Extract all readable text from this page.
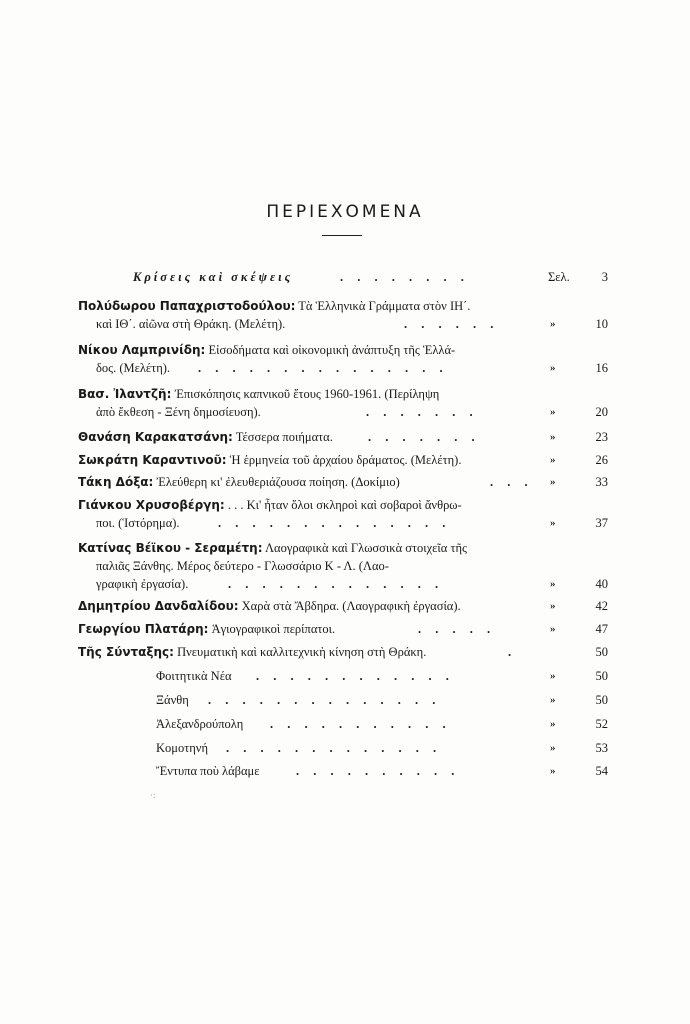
ΠΕΡΙΕΧΟΜΕΝΑ
Κρίσεις καὶ σκέψεις	. . . . . . . .	Σελ.	3
Πολύδωρου Παπαχριστοδούλου: Τὰ Ἑλληνικὰ Γράμματα στὸν ΙΗ΄.
καὶ ΙΘ΄. αἰῶνα στὴ Θράκη. (Μελέτη).	. . . . . .	»	10
Νίκου Λαμπρινίδη: Εἰσοδήματα καὶ οἰκονομικὴ ἀνάπτυξη τῆς Ἑλλά-
δος. (Μελέτη). . . . . . . . . . . . . . . .	»	16
Βασ. Ἰλαντζῆ: Ἐπισκόπησις καπνικοῦ ἔτους 1960-1961. (Περίληψη
ἀπὸ ἔκθεση - Ξένη δημοσίευση).	. . . . . . .	»	20
Θανάση Καρακατσάνη: Τέσσερα ποιήματα.	. . . . . . .	»	23
Σωκράτη Καραντινοῦ: Ἡ ἑρμηνεία τοῦ ἀρχαίου δράματος. (Μελέτη).	»	26
Τάκη Δόξα: Ἐλεύθερη κι' ἐλευθεριάζουσα ποίηση. (Δοκίμιο)	. . . »	33
Γιάνκου Χρυσοβέργη: . . . Κι' ἦταν ὅλοι σκληροὶ καὶ σοβαροὶ ἄνθρω-
ποι. (Ἱστόρημα).	. . . . . . . . . . . . . .	»	37
Κατίνας Βέϊκου - Σεραμέτη: Λαογραφικὰ καὶ Γλωσσικὰ στοιχεῖα τῆς
παλιᾶς Ξάνθης. Μέρος δεύτερο - Γλωσσάριο Κ - Λ. (Λαο-
γραφικὴ ἐργασία).	. . . . . . . . . . . . .	»	40
Δημητρίου Δανδαλίδου: Χαρὰ στὰ Ἄβδηρα. (Λαογραφικὴ ἐργασία).	»	42
Γεωργίου Πλατάρη: Ἁγιογραφικοὶ περίπατοι.	. . . . .	»	47
Τῆς Σύνταξης: Πνευματικὴ καὶ καλλιτεχνικὴ κίνηση στὴ Θράκη.	.	50
Φοιτητικὰ Νέα . . . . . . . . . . . .	»	50
Ξάνθη . . . . . . . . . . . . . .	»	50
Ἀλεξανδρούπολη . . . . . . . . . . .	»	52
Κομοτηνή . . . . . . . . . . . . .	»	53
Ἔντυπα ποὺ λάβαμε	. . . . . . . . . .	»	54
·:
